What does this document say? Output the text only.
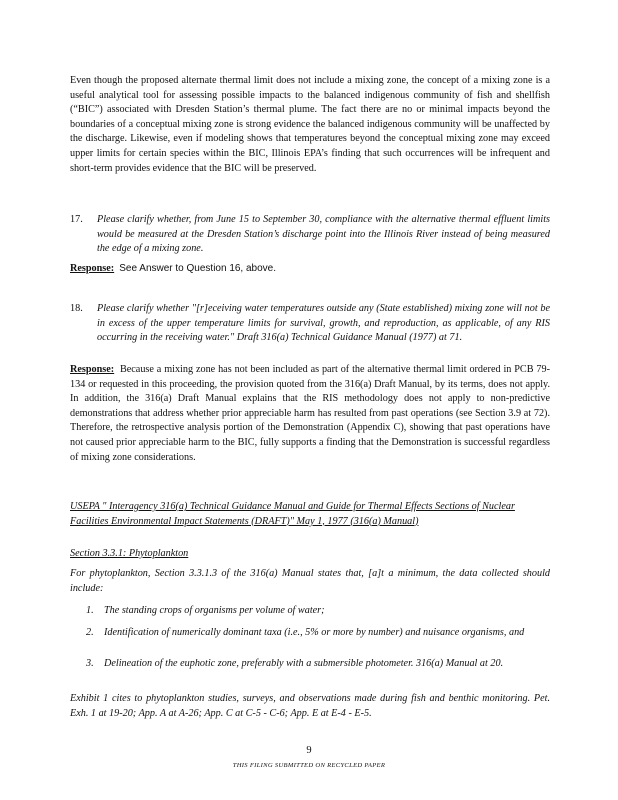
Even though the proposed alternate thermal limit does not include a mixing zone, the concept of a mixing zone is a useful analytical tool for assessing possible impacts to the balanced indigenous community of fish and shellfish (“BIC”) associated with Dresden Station’s thermal plume. The fact there are no or minimal impacts beyond the boundaries of a conceptual mixing zone is strong evidence the balanced indigenous community will be unaffected by the discharge. Likewise, even if modeling shows that temperatures beyond the conceptual mixing zone may exceed upper limits for certain species within the BIC, Illinois EPA’s finding that such occurrences will be infrequent and short-term provides evidence that the BIC will be preserved.

17. Please clarify whether, from June 15 to September 30, compliance with the alternative thermal effluent limits would be measured at the Dresden Station’s discharge point into the Illinois River instead of being measured the edge of a mixing zone.
Response: See Answer to Question 16, above.
18. Please clarify whether "[r]eceiving water temperatures outside any (State established) mixing zone will not be in excess of the upper temperature limits for survival, growth, and reproduction, as applicable, of any RIS occurring in the receiving water." Draft 316(a) Technical Guidance Manual (1977) at 71.
Response: Because a mixing zone has not been included as part of the alternative thermal limit ordered in PCB 79-134 or requested in this proceeding, the provision quoted from the 316(a) Draft Manual, by its terms, does not apply. In addition, the 316(a) Draft Manual explains that the RIS methodology does not apply to non-predictive demonstrations that address whether prior appreciable harm has resulted from past operations (see Section 3.9 at 72). Therefore, the retrospective analysis portion of the Demonstration (Appendix C), showing that past operations have not caused prior appreciable harm to the BIC, fully supports a finding that the Demonstration is successful regardless of mixing zone considerations.
USEPA " Interagency 316(a) Technical Guidance Manual and Guide for Thermal Effects Sections of Nuclear Facilities Environmental Impact Statements (DRAFT)" May 1, 1977 (316(a) Manual)
Section 3.3.1: Phytoplankton
For phytoplankton, Section 3.3.1.3 of the 316(a) Manual states that, [a]t a minimum, the data collected should include:
1. The standing crops of organisms per volume of water;
2. Identification of numerically dominant taxa (i.e., 5% or more by number) and nuisance organisms, and
3. Delineation of the euphotic zone, preferably with a submersible photometer. 316(a) Manual at 20.
Exhibit 1 cites to phytoplankton studies, surveys, and observations made during fish and benthic monitoring. Pet. Exh. 1 at 19-20; App. A at A-26; App. C at C-5 - C-6; App. E at E-4 - E-5.
9
THIS FILING SUBMITTED ON RECYCLED PAPER
